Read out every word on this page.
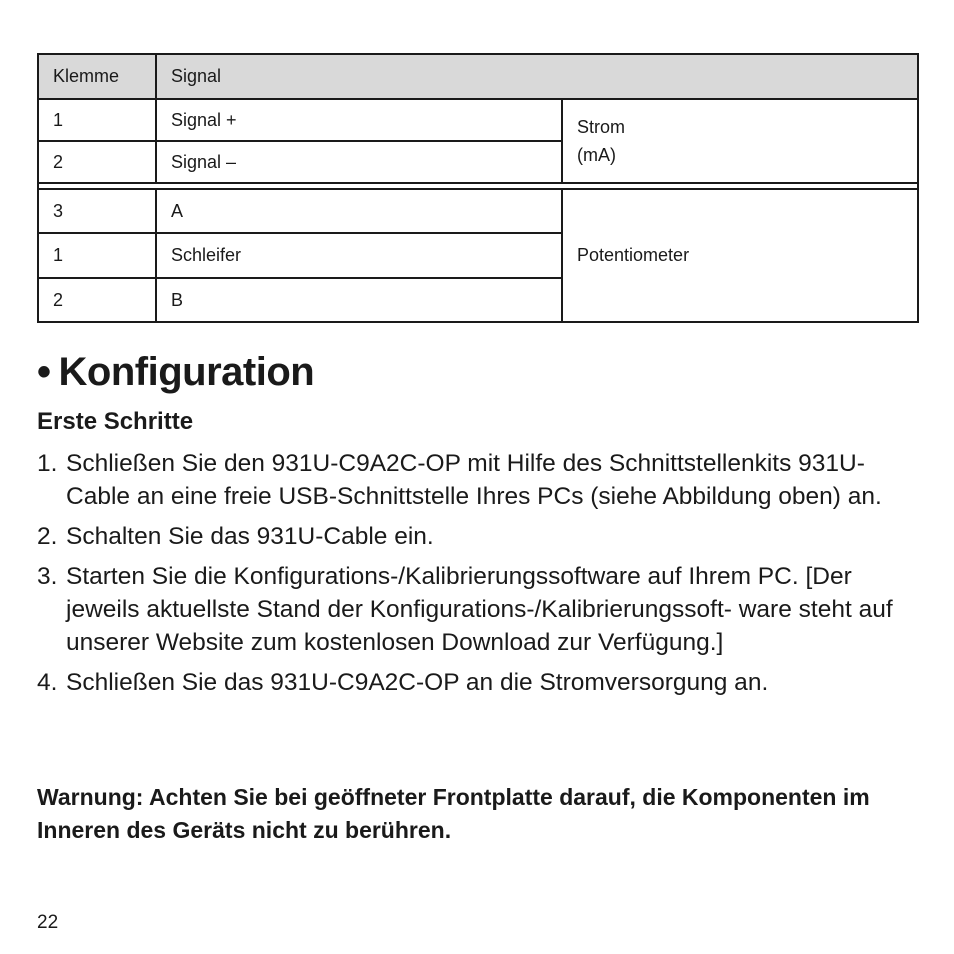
Klemme	Signal	
1	Signal +	Strom
(mA)

2	Signal –	

3	A	Potentiometer
1	Schleifer	
2	B	
• Konfiguration
Erste Schritte
1. Schließen Sie den 931U-C9A2C-OP mit Hilfe des Schnittstellenkits 931U-Cable an eine freie USB-Schnittstelle Ihres PCs (siehe Abbildung oben) an.
2. Schalten Sie das 931U-Cable ein.
3. Starten Sie die Konfigurations-/Kalibrierungssoftware auf Ihrem PC. [Der jeweils aktuellste Stand der Konfigurations-/Kalibrierungssoft- ware steht auf unserer Website zum kostenlosen Download zur Verfügung.]
4. Schließen Sie das 931U-C9A2C-OP an die Stromversorgung an.

Warnung: Achten Sie bei geöffneter Frontplatte darauf, die Komponenten im Inneren des Geräts nicht zu berühren.

22
